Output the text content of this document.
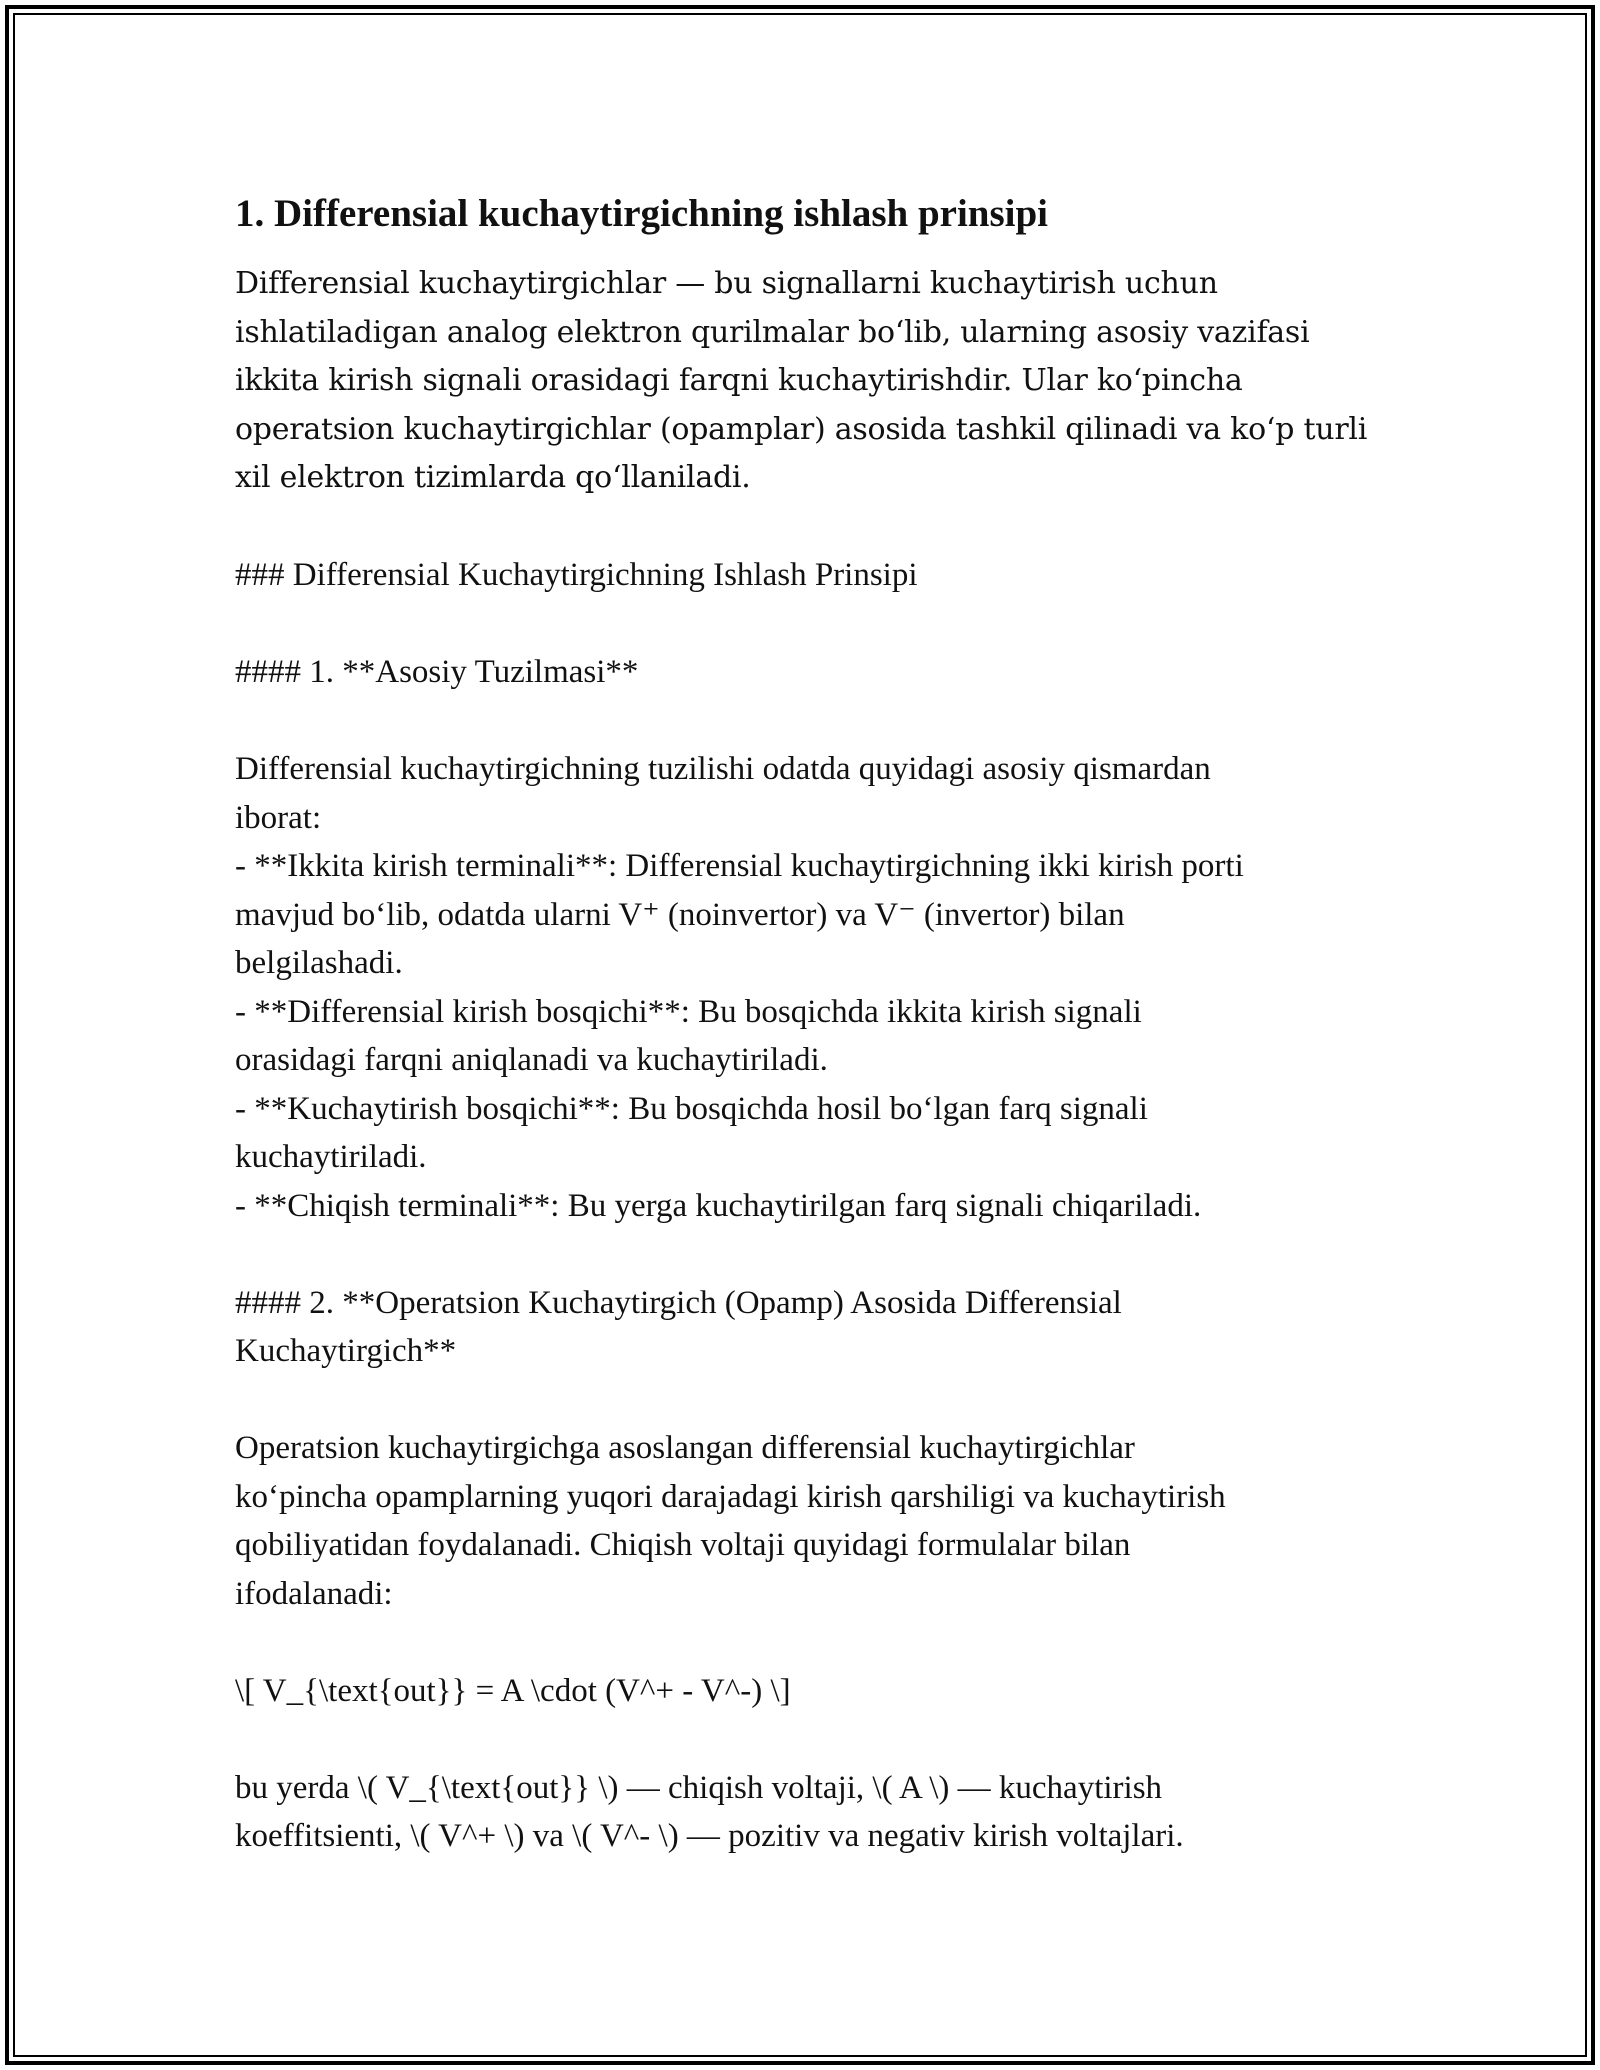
1. Differensial kuchaytirgichning ishlash prinsipi

Differensial kuchaytirgichlar — bu signallarni kuchaytirish uchun

ishlatiladigan analog elektron qurilmalar bo‘lib, ularning asosiy vazifasi

ikkita kirish signali orasidagi farqni kuchaytirishdir. Ular ko‘pincha

operatsion kuchaytirgichlar (opamplar) asosida tashkil qilinadi va ko‘p turli

xil elektron tizimlarda qo‘llaniladi.

### Differensial Kuchaytirgichning Ishlash Prinsipi

#### 1. **Asosiy Tuzilmasi**

Differensial kuchaytirgichning tuzilishi odatda quyidagi asosiy qismardan

iborat:

- **Ikkita kirish terminali**: Differensial kuchaytirgichning ikki kirish porti

mavjud bo‘lib, odatda ularni V⁺ (noinvertor) va V⁻ (invertor) bilan

belgilashadi.

- **Differensial kirish bosqichi**: Bu bosqichda ikkita kirish signali

orasidagi farqni aniqlanadi va kuchaytiriladi.

- **Kuchaytirish bosqichi**: Bu bosqichda hosil bo‘lgan farq signali

kuchaytiriladi.

- **Chiqish terminali**: Bu yerga kuchaytirilgan farq signali chiqariladi.

#### 2. **Operatsion Kuchaytirgich (Opamp) Asosida Differensial

Kuchaytirgich**

Operatsion kuchaytirgichga asoslangan differensial kuchaytirgichlar

ko‘pincha opamplarning yuqori darajadagi kirish qarshiligi va kuchaytirish

qobiliyatidan foydalanadi. Chiqish voltaji quyidagi formulalar bilan

ifodalanadi:

\[ V_{\text{out}} = A \cdot (V^+ - V^-) \]

bu yerda \( V_{\text{out}} \) — chiqish voltaji, \( A \) — kuchaytirish

koeffitsienti, \( V^+ \) va \( V^- \) — pozitiv va negativ kirish voltajlari.
